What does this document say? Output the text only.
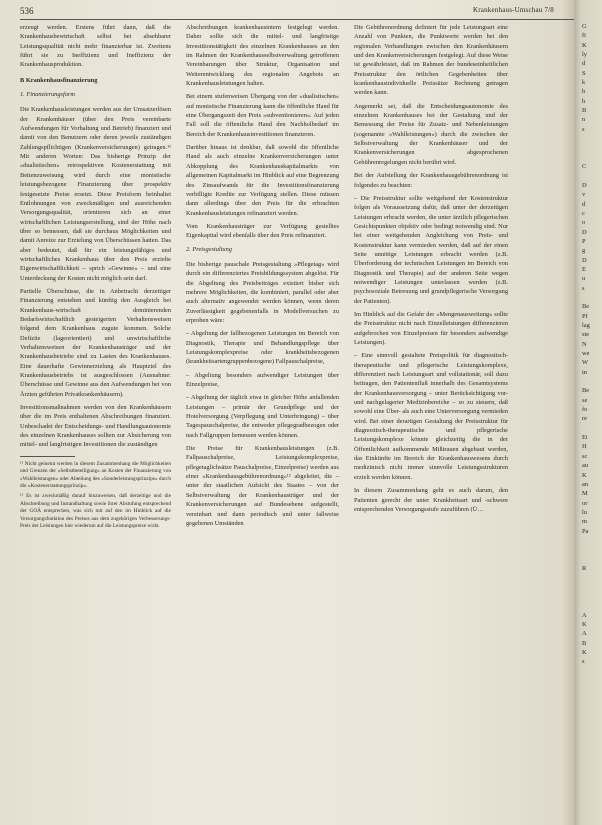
536	Krankenhaus-Umschau 7/8

erzeugt werden. Erstens führt dann, daß die Krankenhausbewirtschaft selbst bei absehbarer Leistungsqualität nicht mehr finanzierbar ist. Zweitens führt sie zu Ineffizienz und Ineffizienz der Krankenhausproduktion.

B Krankenhausfinanzierung
1. Finanzierungsform

Die Krankenhausleistungen werden aus der Umsatzerlösen der Krankenhäuser (über den Preis vereinbarte Aufwendungen für Vorhaltung und Betrieb) finanziert und damit von den Benutzern oder deren jeweils zuständigen Zahlungspflichtigen (Krankenversicherungen) getragen.¹¹ Mit anderen Worten: Das bisherige Prinzip der »dualistischen« retrospektiven Kostenerstattung mit Bettenzuweisung wird durch eine monistische leistungsbezogene Finanzierung über prospektiv festgesetzte Preise ersetzt. Diese Preisform beinhaltet Entlohnungen von zweckmäßigen und ausreichenden Versorgungsqualität, orientieren sich an einer wirtschaftlichen Leistungserstellung, sind der Höhe nach über so bemessen, daß sie durchaus Möglichkeiten und damit Anreize zur Erzielung von Überschüssen hatten. Das aber bedeutet, daß für ein leistungsfähiges und wirtschaftliches Krankenhaus über den Preis erzielte Eigenwirtschaftlichkeit – sprich »Gewinne« – und eine Unterdeckung der Kosten nicht möglich sein darf.

Partielle Überschüsse, die in Anbetracht derzeitiger Finanzierung entstehen und künftig den Ausgleich bei Krankenhaus-wirtschaft dominierenden Bedarfswirtschaftlich gesteigerten Verhaltensweisen folgend dem Krankenhaus zugute kommen. Solche Defizite (lageorientiert) und unwirtschaftliche Verhaltensweisen der Krankenhausträger und der Krankenhausbetriebe sind zu Lasten des Krankenhauses. Eine dauerhafte Gewinnerzielung als Hauptziel des Krankenhausbetriebs ist ausgeschlossen (Ausnahme: Überschüsse und Gewinne aus den Aufwendungen bei von Ärzten geführten Privatkrankenhäusern).

Investitionsmaßnahmen werden von den Krankenhäusern über die im Preis enthaltenen Abschreibungen finanziert. Unbeschadet der Entscheidungs- und Handlungsautonomie des einzelnen Krankenhauses sollten zur Absicherung von mittel- und langfristigen Investitionen die zuständigen

¹¹ Nicht gemeint werden in diesem Zusammenhang die Möglichkeiten und Grenzen der »Selbstbeteiligung« an Kosten der Finanzierung von »Wahlleistungen« oder Abteilung des »Sonderleistungsprinzips« durch die »Kostenerstattungsprinzip«.

¹² Es ist zweckmäßig darauf hinzuweisen, daß derzeitige und die Abschreibung und Instandhaltung sowie ihrer Abstufung entsprechend der GOÄ entsprechen, was sich mit auf den im Hinblick auf die Versorgungsfunktion des Preises aus dem zugehörigen Verbesserungs-Preis der Leistungen hier wiederum auf die Leistungspreise wirkt.

Abschreibungen krankenhausintern festgelegt werden. Daher sollte sich die mittel- und langfristige Investitionstätigkeit des einzelnen Krankenhauses an den im Rahmen der Krankenhausselbstverwaltung getroffenen Vereinbarungen über Struktur, Organisation und Weiterentwicklung des regionalen Angebots an Krankenhausleistungen halten.

Bei einem stufenweisen Übergang von der »dualistischen« auf monistische Finanzierung kann die öffentliche Hand für eine Übergangszeit den Preis »subventionieren«. Auf jeden Fall soll die öffentliche Hand den Nachholbedarf im Bereich der Krankenhausinvestitionen finanzieren.

Darüber hinaus ist denkbar, daß sowohl die öffentliche Hand als auch einzelne Krankenversicherungen unter Abkopplung des Krankenhauskapitalmarkts von allgemeinen Kapitalmarkt im Hinblick auf eine Begrenzung des Zinsaufwands für die Investitionsfinanzierung verbilligte Kredite zur Verfügung stellen. Diese müssen dann allerdings über den Preis für die erbrachten Krankenhausleistungen refinanziert werden.

Vom Krankenhausträger zur Verfügung gestelltes Eigenkapital wird ebenfalls über den Preis refinanziert.

2. Preisgestaltung

Die bisherige pauschale Preisgestaltung »Pflegetag« wird durch ein differenziertes Preisbildungssystem abgelöst. Für die Abgeltung des Preisbeiträges existiert bisher sich mehrere Möglichkeiten, die kombiniert, parallel oder aber auch alternativ angewendet werden können, wenn deren Zuverlässigkeit gegebenenfalls in Modellversuchen zu erproben wäre:

– Abgeltung der fallbezogenen Leistungen im Bereich von Diagnostik, Therapie und Behandlungspflege über Leistungskomplexpreise oder krankheitsbezogenen (krankheitsartengruppenbezogene) Fallpauschalpreise,
– Abgeltung besonders aufwendiger Leistungen über Einzelpreise,
– Abgeltung der täglich etwa in gleicher Höhe anfallenden Leistungen – primär der Grundpflege und der Hotelversorgung (Verpflegung und Unterbringung) – über Tagespauschalpreise, die entweder pflegegradbezogen oder nach Fallgruppen bemessen werden können.

Die Preise für Krankenhausleistungen (z.B. Fallpauschalpreise, Leistungskomplexpreise, pflegetaglichsätze Pauschalpreise, Einzelpreise) werden aus einer »Krankenhausgebührenordnung«¹² abgeleitet, die – unter der staatlichen Aufsicht des Staates – von der Selbstverwaltung der Krankenhausträger und der Krankenversicherungen auf Bundesebene aufgestellt, vereinbart und dann periodisch und unter fallweise gegebenen Umständen

Die Gebührenordnung definiert für jede Leistungsart eine Anzahl von Punkten, die Punktwerte werden bei den regionalen Verhandlungen zwischen den Krankenhäusern und den Krankenversicherungen festgelegt. Auf diese Weise ist gewährleistet, daß im Rahmen der bundeseinheitlichen Preisstruktur den örtlichen Gegebenheiten über krankenhausindividuelle Preissätze Rechnung getragen werden kann.

Angemerkt sei, daß die Entscheidungsautonomie des einzelnen Krankenhauses bei der Gestaltung und der Bemessung der Preise für Zusatz- und Nebenleistungen (sogenannte »Wahlleistungen«) durch die zwischen der Selbstverwaltung der Krankenhäuser und der Krankenversicherungen abgesprochenen Gebührenregelungen nicht berührt wird.

Bei der Aufstellung der Krankenhausgebührenordnung ist folgendes zu beachten:

– Die Preisstruktur sollte weitgehend der Kostenstruktur folgen als Voraussetzung dafür, daß unter der derzeitigen Leistungen erbracht werden, die unter ärztlich pflegerischen Gesichtspunkten objektiv oder bedingt notwendig sind. Nur bei einer weitgehenden Angleichung von Preis- und Kostenstruktur kann vermieden werden, daß auf der einen Seite unnötige Leistungen erbracht werden (z.B. Überforderung der technischen Leistungen im Bereich von Diagnostik und Therapie) auf der anderen Seite wegen notwendiger Leistungen unterlassen werden (z.B. psychosoziale Betreuung und grundpflegerische Versorgung der Patienten).

Im Hinblick auf die Gefahr der »Mengenausweitung« sollte die Preisstruktur nicht nach Einzelleistungen differenzieren aufgebrochen von Einzelpreisen für besonders aufwendige Leistungen).

– Eine sinnvoll gestaltete Preispolitik für diagnostisch-therapeutische und pflegerische Leistungskomplexe, differenziert nach Leistungsart und vollstationär, soll dazu beitragen, den Patientenfluß innerhalb des Gesamtsystems der Krankenhausversorgung – unter Berücksichtigung vor- und nachgelagerter Medizinbereiche – so zu steuern, daß sowohl eine Über- als auch eine Unterversorgung vermieden wird. Bei einer derartigen Gestaltung der Preisstruktur für diagnostisch-therapeutische und pflegerische Leistungskomplexe könnte gleichzeitig die in der Öffentlichkeit aufkommende Mißtrauen abgebaut werden, das Einkünfte im Bereich der Krankenhauswesens durch medizinisch nicht immer sinnvolle Leistungsstrukturen erzielt werden können.

In diesem Zusammenhang geht es auch darum, den Patienten gerecht der unter Krankheitsart und -schwere entsprechenden Versorgungsstufe zuzuführen (Ü…

G
fi
K
ly
d
S
k
b
h
B
n
s
C
D
v
d
c
o
D
P
g
D
E
u
s
Be
Pf
lag
ste
N
we
W
in
Be
se
fo
re
Ei
H
sc
au
K
an
M
or
lu
m
Pa
R
A
K
A
B
K
s
